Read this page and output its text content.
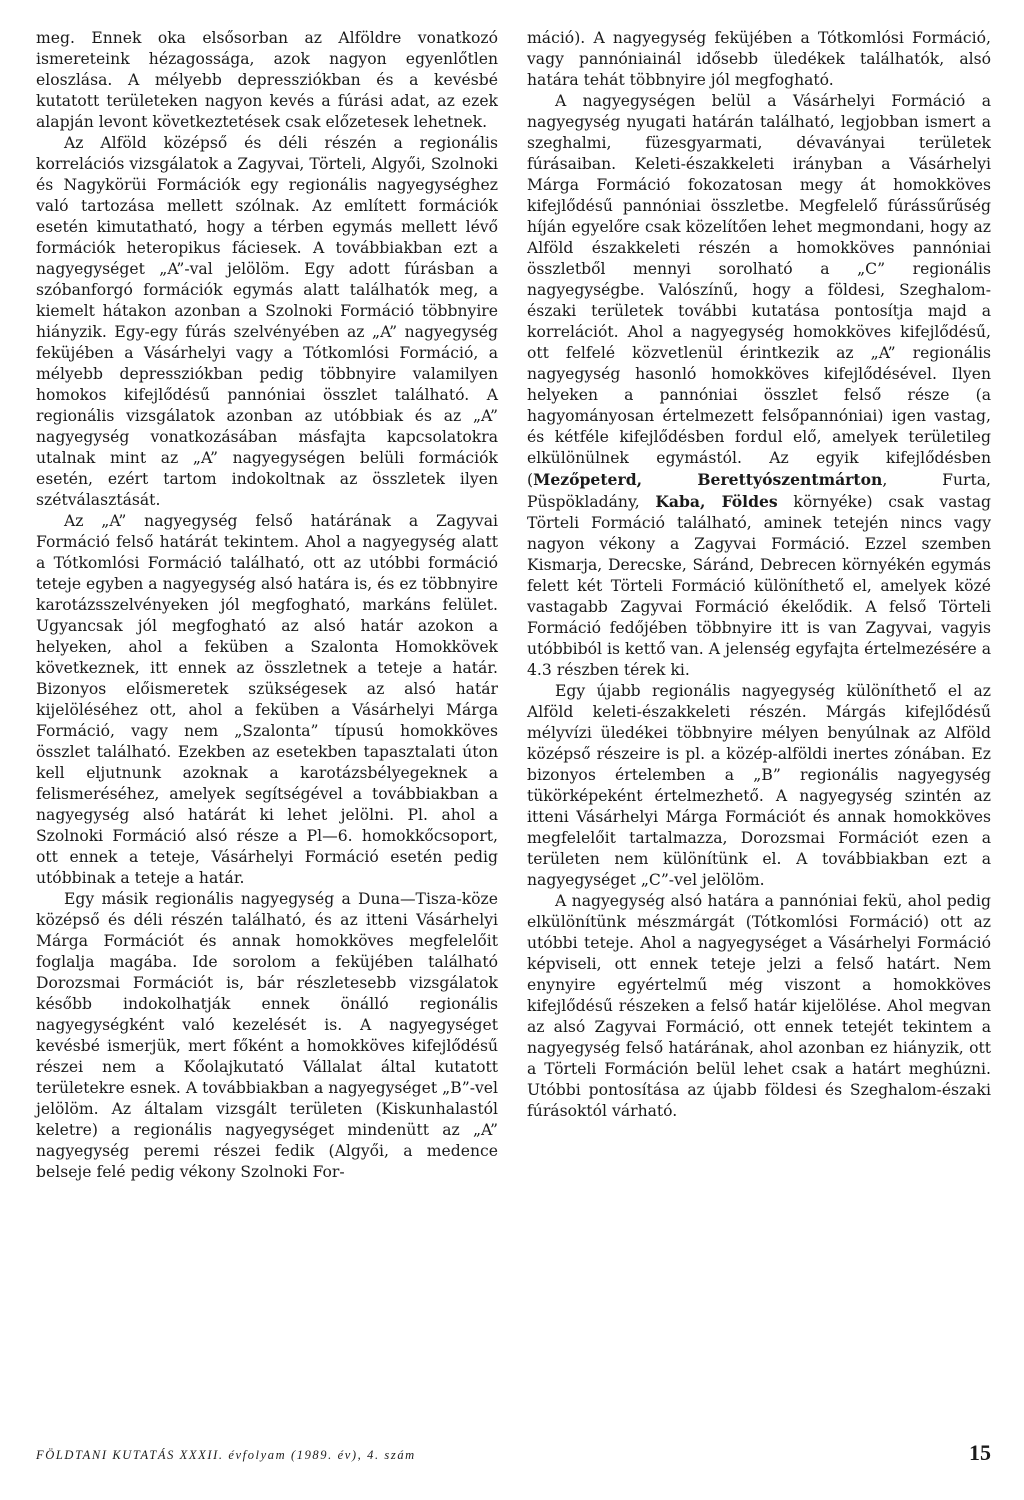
meg. Ennek oka elsősorban az Alföldre vonatkozó ismereteink hézagossága, azok nagyon egyenlőtlen eloszlása. A mélyebb depressziókban és a kevésbé kutatott területeken nagyon kevés a fúrási adat, az ezek alapján levont következtetések csak előzetesek lehetnek.

Az Alföld középső és déli részén a regionális korrelációs vizsgálatok a Zagyvai, Törteli, Algyői, Szolnoki és Nagykörüi Formációk egy regionális nagyegységhez való tartozása mellett szólnak. Az említett formációk esetén kimutatható, hogy a térben egymás mellett lévő formációk heteropikus fáciesek. A továbbiakban ezt a nagyegységet „A”-val jelölöm. Egy adott fúrásban a szóbanforgó formációk egymás alatt találhatók meg, a kiemelt hátakon azonban a Szolnoki Formáció többnyire hiányzik. Egy-egy fúrás szelvényében az „A” nagyegység feküjében a Vásárhelyi vagy a Tótkomlósi Formáció, a mélyebb depressziókban pedig többnyire valamilyen homokos kifejlődésű pannóniai összlet található. A regionális vizsgálatok azonban az utóbbiak és az „A” nagyegység vonatkozásában másfajta kapcsolatokra utalnak mint az „A” nagyegységen belüli formációk esetén, ezért tartom indokoltnak az összletek ilyen szétválasztását.

Az „A” nagyegység felső határának a Zagyvai Formáció felső határát tekintem. Ahol a nagyegység alatt a Tótkomlósi Formáció található, ott az utóbbi formáció teteje egyben a nagyegység alsó határa is, és ez többnyire karotázsszelvényeken jól megfogható, markáns felület. Ugyancsak jól megfogható az alsó határ azokon a helyeken, ahol a feküben a Szalonta Homokkövek következnek, itt ennek az összletnek a teteje a határ. Bizonyos előismeretek szükségesek az alsó határ kijelöléséhez ott, ahol a feküben a Vásárhelyi Márga Formáció, vagy nem „Szalonta” típusú homokköves összlet található. Ezekben az esetekben tapasztalati úton kell eljutnunk azoknak a karotázsbélyegeknek a felismeréséhez, amelyek segítségével a továbbiakban a nagyegység alsó határát ki lehet jelölni. Pl. ahol a Szolnoki Formáció alsó része a Pl—6. homokkőcsoport, ott ennek a teteje, Vásárhelyi Formáció esetén pedig utóbbinak a teteje a határ.

Egy másik regionális nagyegység a Duna—Tisza-köze középső és déli részén található, és az itteni Vásárhelyi Márga Formációt és annak homokköves megfelelőit foglalja magába. Ide sorolom a feküjében található Dorozsmai Formációt is, bár részletesebb vizsgálatok később indokolhatják ennek önálló regionális nagyegységként való kezelését is. A nagyegységet kevésbé ismerjük, mert főként a homokköves kifejlődésű részei nem a Kőolajkutató Vállalat által kutatott területekre esnek. A továbbiakban a nagyegységet „B”-vel jelölöm. Az általam vizsgált területen (Kiskunhalastól keletre) a regionális nagyegységet mindenütt az „A” nagyegység peremi részei fedik (Algyői, a medence belseje felé pedig vékony Szolnoki For-

máció). A nagyegység feküjében a Tótkomlósi Formáció, vagy pannóniainál idősebb üledékek találhatók, alsó határa tehát többnyire jól megfogható.

A nagyegységen belül a Vásárhelyi Formáció a nagyegység nyugati határán található, legjobban ismert a szeghalmi, füzesgyarmati, dévaványai területek fúrásaiban. Keleti-északkeleti irányban a Vásárhelyi Márga Formáció fokozatosan megy át homokköves kifejlődésű pannóniai összletbe. Megfelelő fúrássűrűség híján egyelőre csak közelítően lehet megmondani, hogy az Alföld északkeleti részén a homokköves pannóniai összletből mennyi sorolható a „C” regionális nagyegységbe. Valószínű, hogy a földesi, Szeghalom-északi területek további kutatása pontosítja majd a korrelációt. Ahol a nagyegység homokköves kifejlődésű, ott felfelé közvetlenül érintkezik az „A” regionális nagyegység hasonló homokköves kifejlődésével. Ilyen helyeken a pannóniai összlet felső része (a hagyományosan értelmezett felsőpannóniai) igen vastag, és kétféle kifejlődésben fordul elő, amelyek területileg elkülönülnek egymástól. Az egyik kifejlődésben (Mezőpeterd, Berettyószentmárton, Furta, Püspökladány, Kaba, Földes környéke) csak vastag Törteli Formáció található, aminek tetején nincs vagy nagyon vékony a Zagyvai Formáció. Ezzel szemben Kismarja, Derecske, Sáránd, Debrecen környékén egymás felett két Törteli Formáció különíthető el, amelyek közé vastagabb Zagyvai Formáció ékelődik. A felső Törteli Formáció fedőjében többnyire itt is van Zagyvai, vagyis utóbbiból is kettő van. A jelenség egyfajta értelmezésére a 4.3 részben térek ki.

Egy újabb regionális nagyegység különíthető el az Alföld keleti-északkeleti részén. Márgás kifejlődésű mélyvízi üledékei többnyire mélyen benyúlnak az Alföld középső részeire is pl. a közép-alföldi inertes zónában. Ez bizonyos értelemben a „B” regionális nagyegység tükörképeként értelmezhető. A nagyegység szintén az itteni Vásárhelyi Márga Formációt és annak homokköves megfelelőit tartalmazza, Dorozsmai Formációt ezen a területen nem különítünk el. A továbbiakban ezt a nagyegységet „C”-vel jelölöm.

A nagyegység alsó határa a pannóniai fekü, ahol pedig elkülönítünk mészmárgát (Tótkomlósi Formáció) ott az utóbbi teteje. Ahol a nagyegységet a Vásárhelyi Formáció képviseli, ott ennek teteje jelzi a felső határt. Nem enynyire egyértelmű még viszont a homokköves kifejlődésű részeken a felső határ kijelölése. Ahol megvan az alsó Zagyvai Formáció, ott ennek tetejét tekintem a nagyegység felső határának, ahol azonban ez hiányzik, ott a Törteli Formáción belül lehet csak a határt meghúzni. Utóbbi pontosítása az újabb földesi és Szeghalom-északi fúrásoktól várható.

FÖLDTANI KUTATÁS XXXII. évfolyam (1989. év), 4. szám	15
